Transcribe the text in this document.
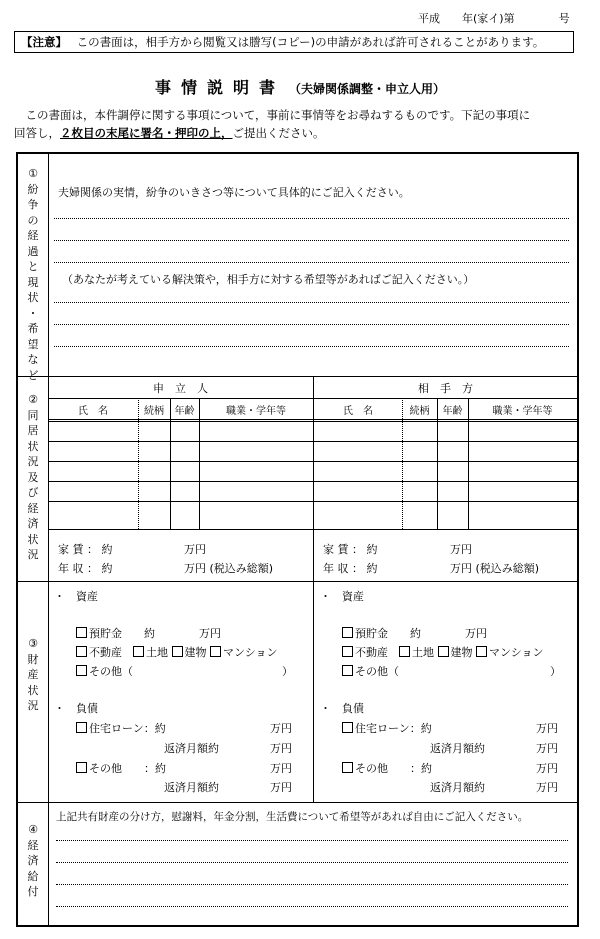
平成　　年(家イ)第　　　　号
【注意】 この書面は，相手方から閲覧又は謄写(コピー)の申請があれば許可されることがあります。
事情説明書 （夫婦関係調整・申立人用）
この書面は，本件調停に関する事項について，事前に事情等をお尋ねするものです。下記の事項に
回答し，２枚目の末尾に署名・押印の上，ご提出ください。
①
紛
争
の
経
過
と
現
状
・
希
望
な
ど
夫婦関係の実情，紛争のいきさつ等について具体的にご記入ください。
（あなたが考えている解決策や，相手方に対する希望等があればご記入ください。）
②
同
居
状
況
及
び
経
済
状
況
申　立　人	相　手　方
氏　名	続柄	年齢	職業・学年等	氏　名	続柄	年齢	職業・学年等
家 賃 ： 約	万円
年 収 ： 約	万円 (税込み総額)
家 賃 ： 約	万円
年 収 ： 約	万円 (税込み総額)
③
財
産
状
況
・　資産
預貯金　　 約　　　　	万円
不動産　 土地 建物 マンション
その他（	）
・　負債
住宅ローン：約	万円
返済月額約	万円
その他　　 ：約	万円
返済月額約	万円
・　資産
預貯金　　 約　　　　	万円
不動産　 土地 建物 マンション
その他（	）
・　負債
住宅ローン：約	万円
返済月額約	万円
その他　　 ：約	万円
返済月額約	万円
④
経
済
給
付
上記共有財産の分け方，慰謝料，年金分割，生活費について希望等があれば自由にご記入ください。
